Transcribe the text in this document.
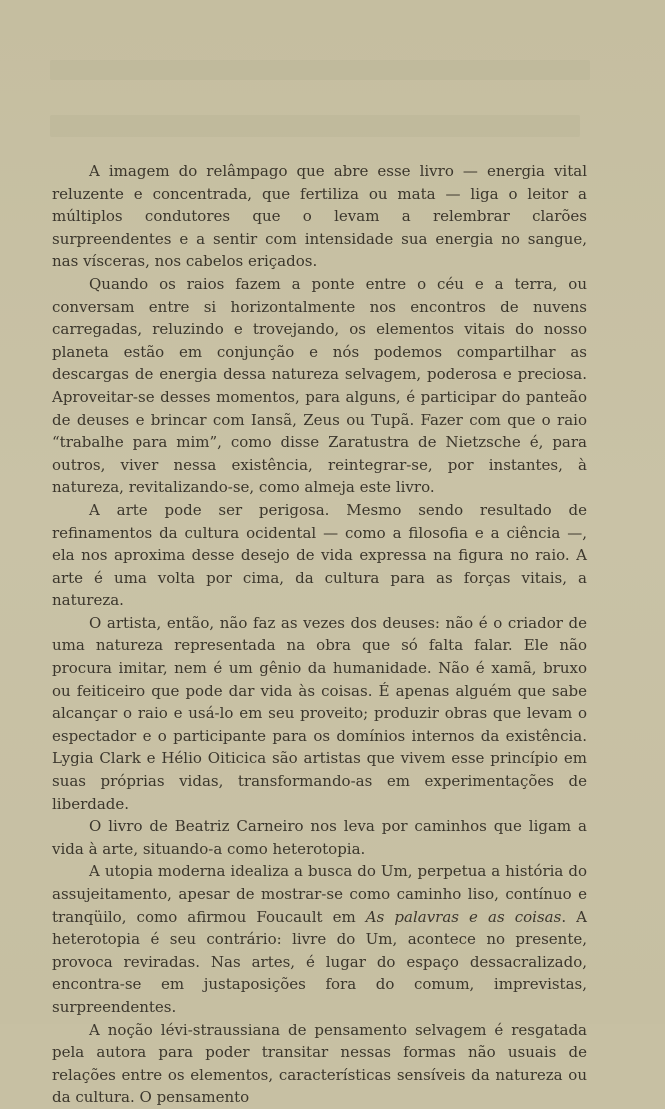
A imagem do relâmpago que abre esse livro — energia vital reluzente e concentrada, que fertiliza ou mata — liga o leitor a múltiplos condutores que o levam a relembrar clarões surpreendentes e a sentir com intensidade sua energia no sangue, nas vísceras, nos cabelos eriçados.

Quando os raios fazem a ponte entre o céu e a terra, ou conversam entre si horizontalmente nos encontros de nuvens carregadas, reluzindo e trovejando, os elementos vitais do nosso planeta estão em conjunção e nós podemos compartilhar as descargas de energia dessa natureza selvagem, poderosa e preciosa. Aproveitar-se desses momentos, para alguns, é participar do panteão de deuses e brincar com Iansã, Zeus ou Tupã. Fazer com que o raio “trabalhe para mim”, como disse Zaratustra de Nietzsche é, para outros, viver nessa existência, reintegrar-se, por instantes, à natureza, revitalizando-se, como almeja este livro.

A arte pode ser perigosa. Mesmo sendo resultado de refinamentos da cultura ocidental — como a filosofia e a ciência —, ela nos aproxima desse desejo de vida expressa na figura no raio. A arte é uma volta por cima, da cultura para as forças vitais, a natureza.

O artista, então, não faz as vezes dos deuses: não é o criador de uma natureza representada na obra que só falta falar. Ele não procura imitar, nem é um gênio da humanidade. Não é xamã, bruxo ou feiticeiro que pode dar vida às coisas. É apenas alguém que sabe alcançar o raio e usá-lo em seu proveito; produzir obras que levam o espectador e o participante para os domínios internos da existência. Lygia Clark e Hélio Oiticica são artistas que vivem esse princípio em suas próprias vidas, transformando-as em experimentações de liberdade.

O livro de Beatriz Carneiro nos leva por caminhos que ligam a vida à arte, situando-a como heterotopia.

A utopia moderna idealiza a busca do Um, perpetua a história do assujeitamento, apesar de mostrar-se como caminho liso, contínuo e tranqüilo, como afirmou Foucault em As palavras e as coisas. A heterotopia é seu contrário: livre do Um, acontece no presente, provoca reviradas. Nas artes, é lugar do espaço dessacralizado, encontra-se em justaposições fora do comum, imprevistas, surpreendentes.

A noção lévi-straussiana de pensamento selvagem é resgatada pela autora para poder transitar nessas formas não usuais de relações entre os elementos, características sensíveis da natureza ou da cultura. O pensamento
